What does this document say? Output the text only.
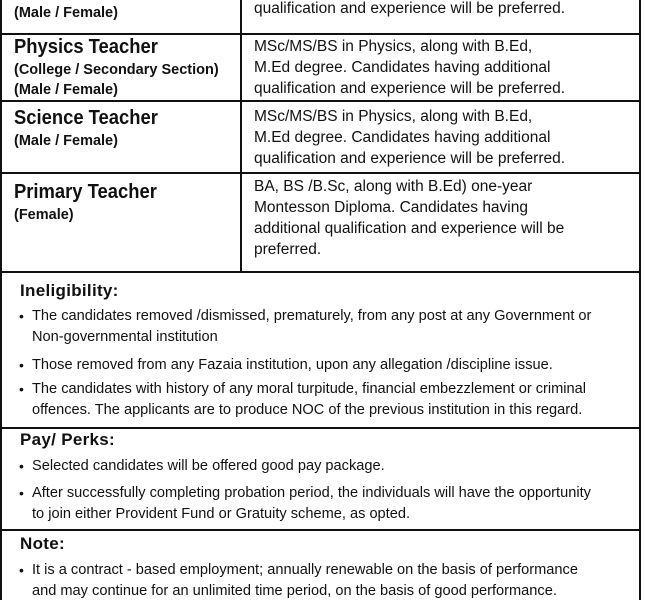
(Male / Female)	qualification and experience will be preferred.
Physics Teacher
(College / Secondary Section)
(Male / Female)
MSc/MS/BS in Physics, along with B.Ed,
M.Ed degree. Candidates having additional
qualification and experience will be preferred.
Science Teacher
(Male / Female)
MSc/MS/BS in Physics, along with B.Ed,
M.Ed degree. Candidates having additional
qualification and experience will be preferred.
Primary Teacher
(Female)
BA, BS /B.Sc, along with B.Ed) one-year
Montesson Diploma. Candidates having
additional qualification and experience will be
preferred.
Ineligibility:
• The candidates removed /dismissed, prematurely, from any post at any Government or
Non-governmental institution
• Those removed from any Fazaia institution, upon any allegation /discipline issue.
• The candidates with history of any moral turpitude, financial embezzlement or criminal
offences. The applicants are to produce NOC of the previous institution in this regard.
Pay/ Perks:
• Selected candidates will be offered good pay package.
• After successfully completing probation period, the individuals will have the opportunity
to join either Provident Fund or Gratuity scheme, as opted.
Note:
• It is a contract - based employment; annually renewable on the basis of performance
and may continue for an unlimited time period, on the basis of good performance.
